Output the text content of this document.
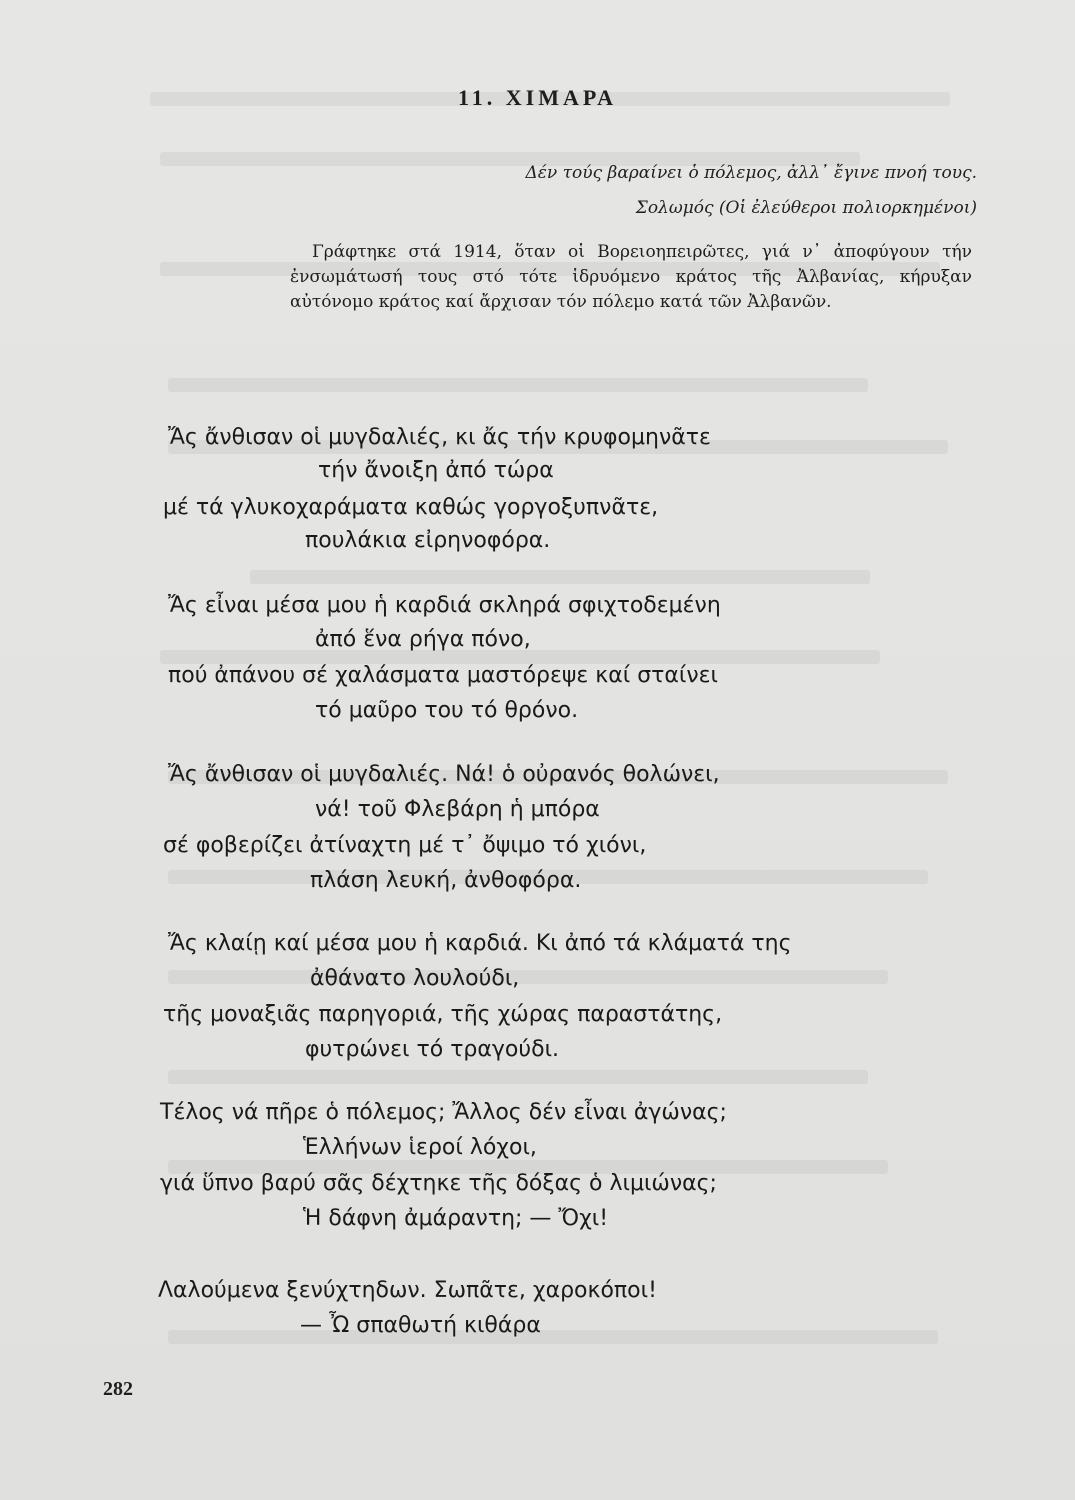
11. ΧΙΜΑΡΑ
Δέν τούς βαραίνει ὁ πόλεμος, ἀλλ᾽ ἔγινε πνοή τους.
Σολωμός (Οἱ ἐλεύθεροι πολιορκημένοι)
Γράφτηκε στά 1914, ὅταν οἱ Βορειοηπειρῶτες, γιά ν᾽ ἀποφύγουν τήν ἐνσωμάτωσή τους στό τότε ἱδρυόμενο κράτος τῆς Ἀλβανίας, κήρυξαν αὐτόνομο κράτος καί ἄρχισαν τόν πόλεμο κατά τῶν Ἀλβανῶν.
Ἄς ἄνθισαν οἱ μυγδαλιές, κι ἄς τήν κρυφομηνᾶτε
τήν ἄνοιξη ἀπό τώρα
μέ τά γλυκοχαράματα καθώς γοργοξυπνᾶτε,
πουλάκια εἰρηνοφόρα.
Ἄς εἶναι μέσα μου ἡ καρδιά σκληρά σφιχτοδεμένη
ἀπό ἕνα ρήγα πόνο,
πού ἀπάνου σέ χαλάσματα μαστόρεψε καί σταίνει
τό μαῦρο του τό θρόνο.
Ἄς ἄνθισαν οἱ μυγδαλιές. Νά! ὁ οὐρανός θολώνει,
νά! τοῦ Φλεβάρη ἡ μπόρα
σέ φοβερίζει ἀτίναχτη μέ τ᾽ ὄψιμο τό χιόνι,
πλάση λευκή, ἀνθοφόρα.
Ἄς κλαίῃ καί μέσα μου ἡ καρδιά. Κι ἀπό τά κλάματά της
ἀθάνατο λουλούδι,
τῆς μοναξιᾶς παρηγοριά, τῆς χώρας παραστάτης,
φυτρώνει τό τραγούδι.
Τέλος νά πῆρε ὁ πόλεμος; Ἄλλος δέν εἶναι ἀγώνας;
Ἑλλήνων ἱεροί λόχοι,
γιά ὕπνο βαρύ σᾶς δέχτηκε τῆς δόξας ὁ λιμιώνας;
Ἡ δάφνη ἀμάραντη; — Ὄχι!
Λαλούμενα ξενύχτηδων. Σωπᾶτε, χαροκόποι!
— Ὦ σπαθωτή κιθάρα
282
